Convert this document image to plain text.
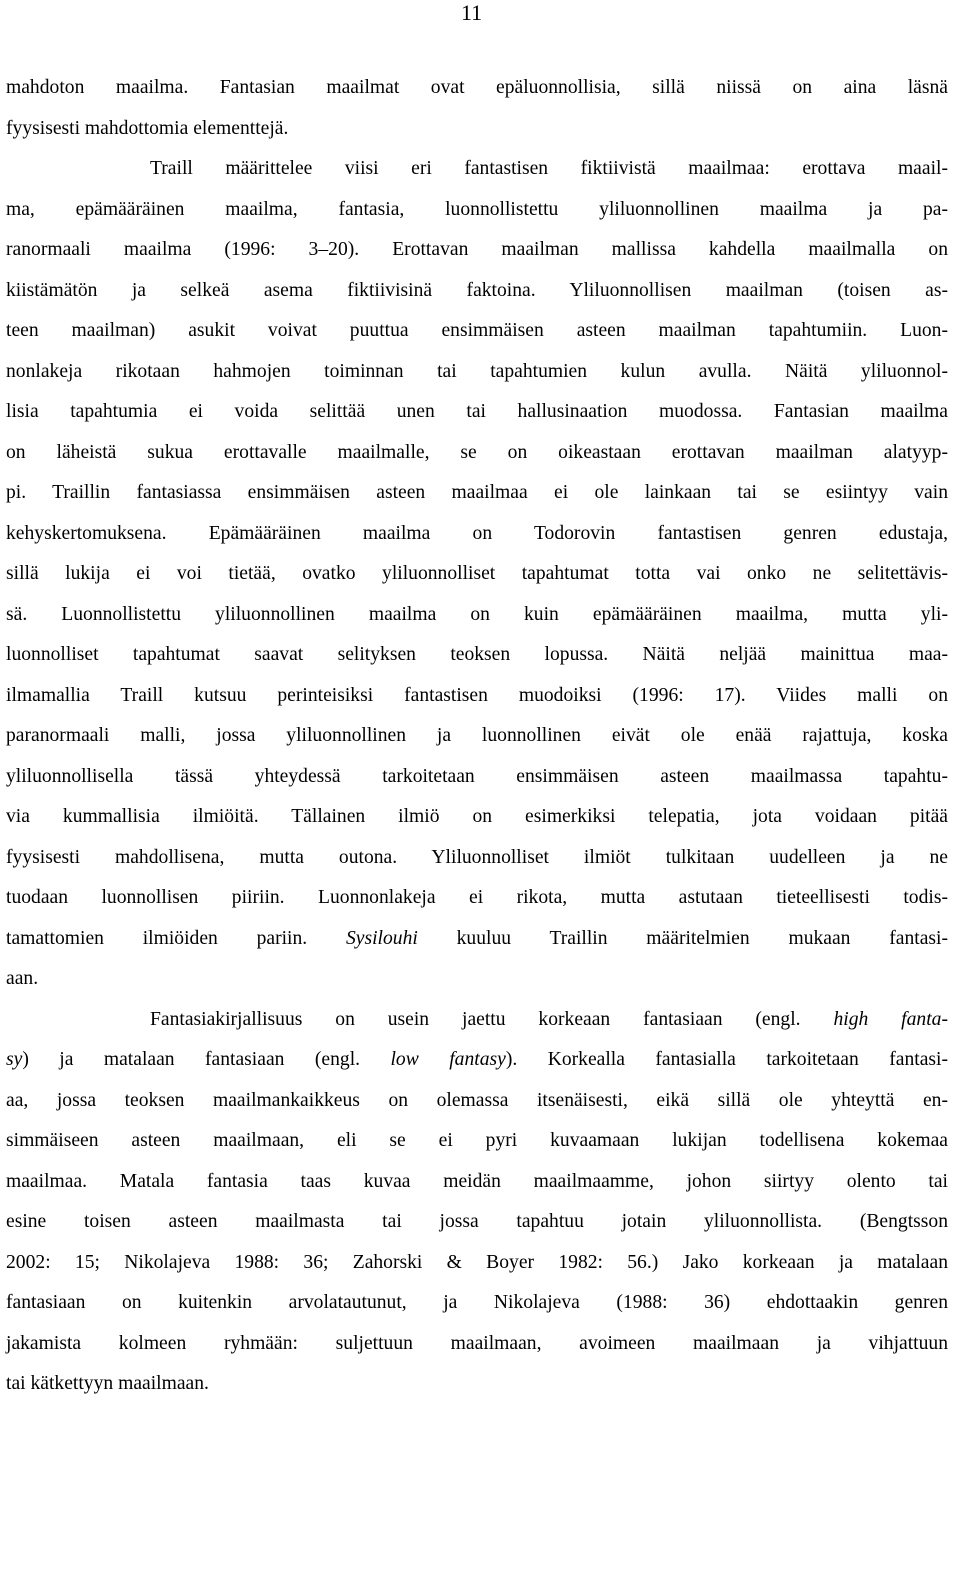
11
mahdoton maailma. Fantasian maailmat ovat epäluonnollisia, sillä niissä on aina läsnä
fyysisesti mahdottomia elementtejä.
Traill määrittelee viisi eri fantastisen fiktiivistä maailmaa: erottava maail-
ma, epämääräinen maailma, fantasia, luonnollistettu yliluonnollinen maailma ja pa-
ranormaali maailma (1996: 3–20). Erottavan maailman mallissa kahdella maailmalla on
kiistämätön ja selkeä asema fiktiivisinä faktoina. Yliluonnollisen maailman (toisen as-
teen maailman) asukit voivat puuttua ensimmäisen asteen maailman tapahtumiin. Luon-
nonlakeja rikotaan hahmojen toiminnan tai tapahtumien kulun avulla. Näitä yliluonnol-
lisia tapahtumia ei voida selittää unen tai hallusinaation muodossa. Fantasian maailma
on läheistä sukua erottavalle maailmalle, se on oikeastaan erottavan maailman alatyyp-
pi. Traillin fantasiassa ensimmäisen asteen maailmaa ei ole lainkaan tai se esiintyy vain
kehyskertomuksena. Epämääräinen maailma on Todorovin fantastisen genren edustaja,
sillä lukija ei voi tietää, ovatko yliluonnolliset tapahtumat totta vai onko ne selitettävis-
sä. Luonnollistettu yliluonnollinen maailma on kuin epämääräinen maailma, mutta yli-
luonnolliset tapahtumat saavat selityksen teoksen lopussa. Näitä neljää mainittua maa-
ilmamallia Traill kutsuu perinteisiksi fantastisen muodoiksi (1996: 17). Viides malli on
paranormaali malli, jossa yliluonnollinen ja luonnollinen eivät ole enää rajattuja, koska
yliluonnollisella tässä yhteydessä tarkoitetaan ensimmäisen asteen maailmassa tapahtu-
via kummallisia ilmiöitä. Tällainen ilmiö on esimerkiksi telepatia, jota voidaan pitää
fyysisesti mahdollisena, mutta outona. Yliluonnolliset ilmiöt tulkitaan uudelleen ja ne
tuodaan luonnollisen piiriin. Luonnonlakeja ei rikota, mutta astutaan tieteellisesti todis-
tamattomien ilmiöiden pariin. Sysilouhi kuuluu Traillin määritelmien mukaan fantasi-
aan.
Fantasiakirjallisuus on usein jaettu korkeaan fantasiaan (engl. high fanta-
sy) ja matalaan fantasiaan (engl. low fantasy). Korkealla fantasialla tarkoitetaan fantasi-
aa, jossa teoksen maailmankaikkeus on olemassa itsenäisesti, eikä sillä ole yhteyttä en-
simmäiseen asteen maailmaan, eli se ei pyri kuvaamaan lukijan todellisena kokemaa
maailmaa. Matala fantasia taas kuvaa meidän maailmaamme, johon siirtyy olento tai
esine toisen asteen maailmasta tai jossa tapahtuu jotain yliluonnollista. (Bengtsson
2002: 15; Nikolajeva 1988: 36; Zahorski & Boyer 1982: 56.) Jako korkeaan ja matalaan
fantasiaan on kuitenkin arvolatautunut, ja Nikolajeva (1988: 36) ehdottaakin genren
jakamista kolmeen ryhmään: suljettuun maailmaan, avoimeen maailmaan ja vihjattuun
tai kätkettyyn maailmaan.
